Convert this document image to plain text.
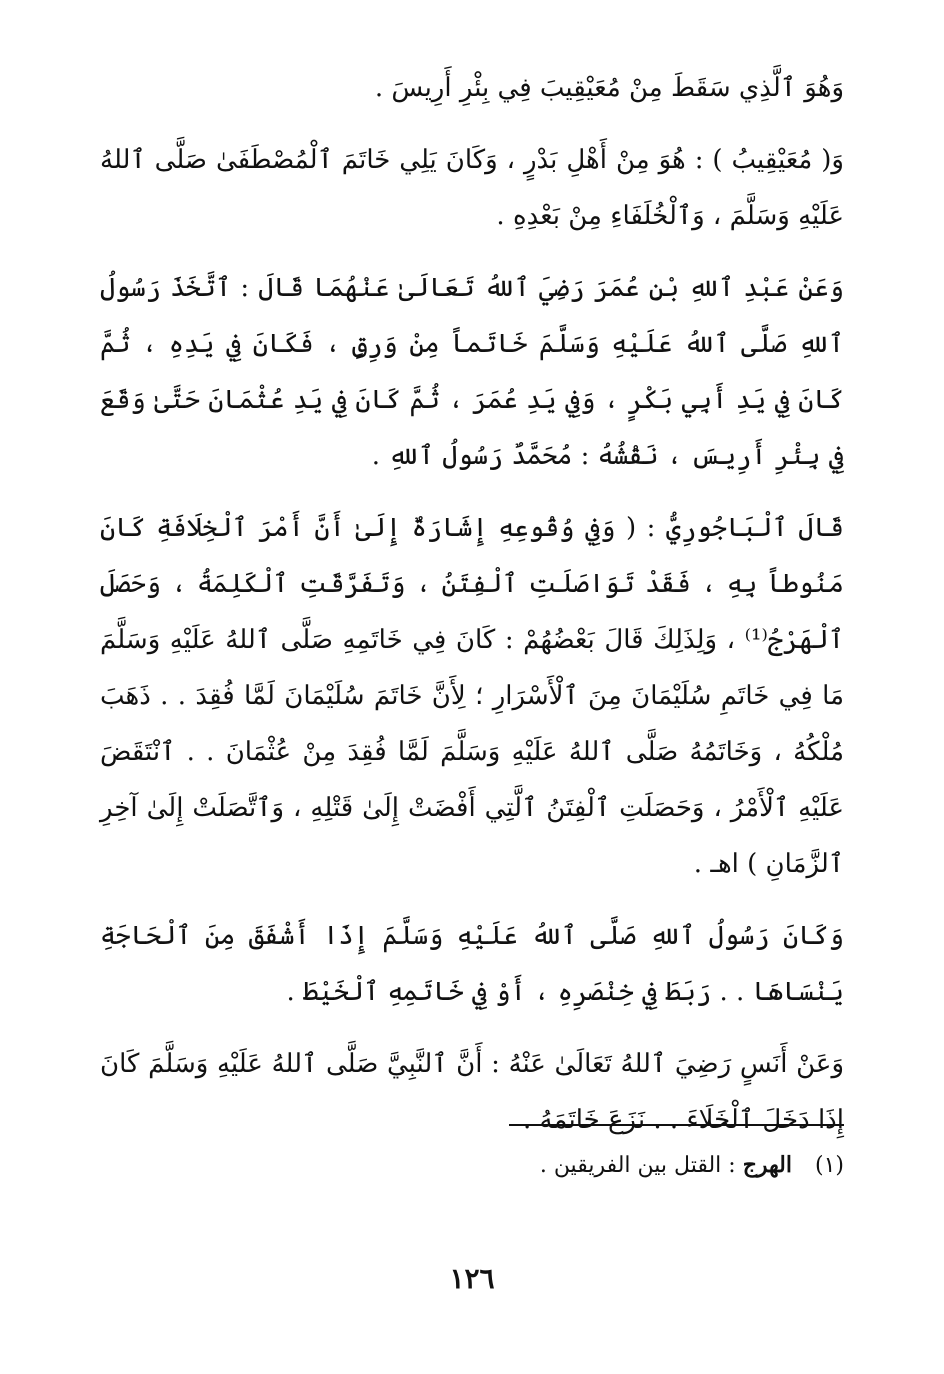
وَهُوَ ٱلَّذِي سَقَطَ مِنْ مُعَيْقِيبَ فِي بِئْرِ أَرِيسَ .

وَ( مُعَيْقِيبُ ) : هُوَ مِنْ أَهْلِ بَدْرٍ ، وَكَانَ يَلِي خَاتَمَ ٱلْمُصْطَفَىٰ صَلَّى ٱللهُ عَلَيْهِ وَسَلَّمَ ، وَٱلْخُلَفَاءِ مِنْ بَعْدِهِ .

وَعَنْ عَبْدِ ٱللهِ بْنِ عُمَرَ رَضِيَ ٱللهُ تَعَالَىٰ عَنْهُمَا قَالَ : ٱتَّخَذَ رَسُولُ ٱللهِ صَلَّى ٱللهُ عَلَيْهِ وَسَلَّمَ خَاتَماً مِنْ وَرِقٍ ، فَكَانَ فِي يَدِهِ ، ثُمَّ كَانَ فِي يَدِ أَبِي بَكْرٍ ، وَفِي يَدِ عُمَرَ ، ثُمَّ كَانَ فِي يَدِ عُثْمَانَ حَتَّىٰ وَقَعَ فِي بِئْرِ أَرِيسَ ، نَقْشُهُ : مُحَمَّدٌ رَسُولُ ٱللهِ .

قَالَ ٱلْبَاجُورِيُّ : ( وَفِي وُقُوعِهِ إِشَارَةٌ إِلَىٰ أَنَّ أَمْرَ ٱلْخِلَافَةِ كَانَ مَنُوطاً بِهِ ، فَقَدْ تَوَاصَلَتِ ٱلْفِتَنُ ، وَتَفَرَّقَتِ ٱلْكَلِمَةُ ، وَحَصَلَ ٱلْهَرْجُ⁽¹⁾ ، وَلِذَلِكَ قَالَ بَعْضُهُمْ : كَانَ فِي خَاتَمِهِ صَلَّى ٱللهُ عَلَيْهِ وَسَلَّمَ مَا فِي خَاتَمِ سُلَيْمَانَ مِنَ ٱلْأَسْرَارِ ؛ لِأَنَّ خَاتَمَ سُلَيْمَانَ لَمَّا فُقِدَ . . ذَهَبَ مُلْكُهُ ، وَخَاتَمُهُ صَلَّى ٱللهُ عَلَيْهِ وَسَلَّمَ لَمَّا فُقِدَ مِنْ عُثْمَانَ . . ٱنْتَقَضَ عَلَيْهِ ٱلْأَمْرُ ، وَحَصَلَتِ ٱلْفِتَنُ ٱلَّتِي أَفْضَتْ إِلَىٰ قَتْلِهِ ، وَٱتَّصَلَتْ إِلَىٰ آخِرِ ٱلزَّمَانِ ) اهـ .

وَكَانَ رَسُولُ ٱللهِ صَلَّى ٱللهُ عَلَيْهِ وَسَلَّمَ إِذَا أَشْفَقَ مِنَ ٱلْحَاجَةِ يَنْسَاهَا . . رَبَطَ فِي خِنْصَرِهِ ، أَوْ فِي خَاتَمِهِ ٱلْخَيْطَ .

وَعَنْ أَنَسٍ رَضِيَ ٱللهُ تَعَالَىٰ عَنْهُ : أَنَّ ٱلنَّبِيَّ صَلَّى ٱللهُ عَلَيْهِ وَسَلَّمَ كَانَ إِذَا دَخَلَ ٱلْخَلَاءَ . . نَزَعَ خَاتَمَهُ .

(١) الهرج : القتل بين الفريقين .
١٢٦
